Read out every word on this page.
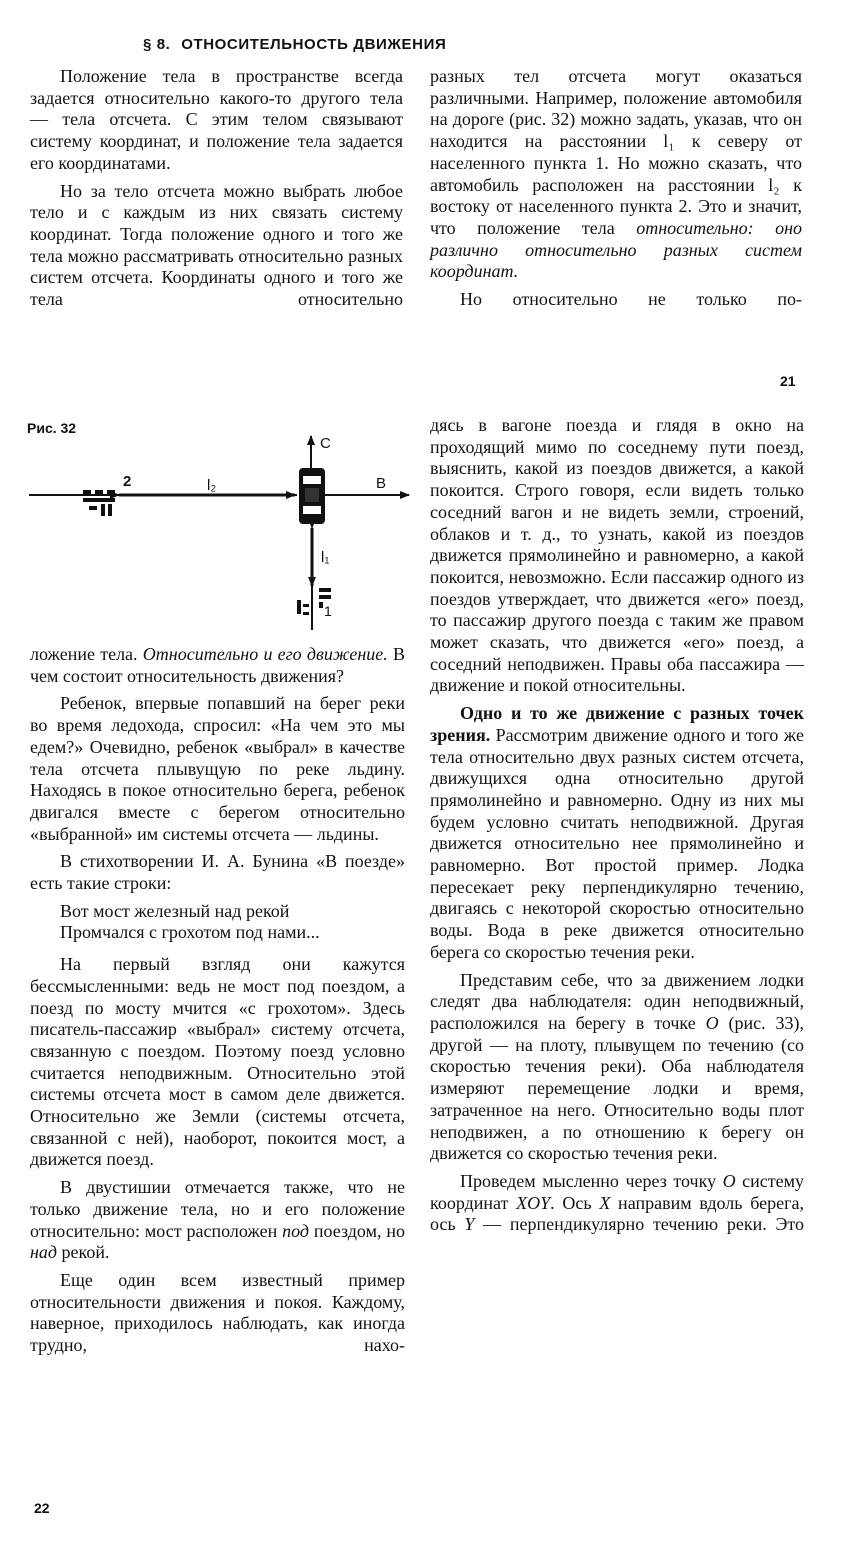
§ 8. ОТНОСИТЕЛЬНОСТЬ ДВИЖЕНИЯ

Положение тела в пространстве всегда задается относительно какого-то другого тела — тела отсчета. С этим телом связывают систему координат, и положение тела задается его координатами.

Но за тело отсчета можно выбрать любое тело и с каждым из них связать систему координат. Тогда положение одного и того же тела можно рассматривать относительно разных систем отсчета. Координаты одного и того же тела относительно

разных тел отсчета могут оказаться различными. Например, положение автомобиля на дороге (рис. 32) можно задать, указав, что он находится на расстоянии l₁ к северу от населенного пункта 1. Но можно сказать, что автомобиль расположен на расстоянии l₂ к востоку от населенного пункта 2. Это и значит, что положение тела относительно: оно различно относительно разных систем координат.

Но относительно не только по-

21
Рис. 32
2	l₂
C
B
l₁
1

ложение тела. Относительно и его движение. В чем состоит относительность движения?

Ребенок, впервые попавший на берег реки во время ледохода, спросил: «На чем это мы едем?» Очевидно, ребенок «выбрал» в качестве тела отсчета плывущую по реке льдину. Находясь в покое относительно берега, ребенок двигался вместе с берегом относительно «выбранной» им системы отсчета — льдины.

В стихотворении И. А. Бунина «В поезде» есть такие строки:

Вот мост железный над рекой
Промчался с грохотом под нами...

На первый взгляд они кажутся бессмысленными: ведь не мост под поездом, а поезд по мосту мчится «с грохотом». Здесь писатель-пассажир «выбрал» систему отсчета, связанную с поездом. Поэтому поезд условно считается неподвижным. Относительно этой системы отсчета мост в самом деле движется. Относительно же Земли (системы отсчета, связанной с ней), наоборот, покоится мост, а движется поезд.

В двустишии отмечается также, что не только движение тела, но и его положение относительно: мост расположен под поездом, но над рекой.

Еще один всем известный пример относительности движения и покоя. Каждому, наверное, приходилось наблюдать, как иногда трудно, нахо-

дясь в вагоне поезда и глядя в окно на проходящий мимо по соседнему пути поезд, выяснить, какой из поездов движется, а какой покоится. Строго говоря, если видеть только соседний вагон и не видеть земли, строений, облаков и т. д., то узнать, какой из поездов движется прямолинейно и равномерно, а какой покоится, невозможно. Если пассажир одного из поездов утверждает, что движется «его» поезд, то пассажир другого поезда с таким же правом может сказать, что движется «его» поезд, а соседний неподвижен. Правы оба пассажира — движение и покой относительны.

Одно и то же движение с разных точек зрения. Рассмотрим движение одного и того же тела относительно двух разных систем отсчета, движущихся одна относительно другой прямолинейно и равномерно. Одну из них мы будем условно считать неподвижной. Другая движется относительно нее прямолинейно и равномерно. Вот простой пример. Лодка пересекает реку перпендикулярно течению, двигаясь с некоторой скоростью относительно воды. Вода в реке движется относительно берега со скоростью течения реки.

Представим себе, что за движением лодки следят два наблюдателя: один неподвижный, расположился на берегу в точке O (рис. 33), другой — на плоту, плывущем по течению (со скоростью течения реки). Оба наблюдателя измеряют перемещение лодки и время, затраченное на него. Относительно воды плот неподвижен, а по отношению к берегу он движется со скоростью течения реки.

Проведем мысленно через точку O систему координат XOY. Ось X направим вдоль берега, ось Y — перпендикулярно течению реки. Это

22
